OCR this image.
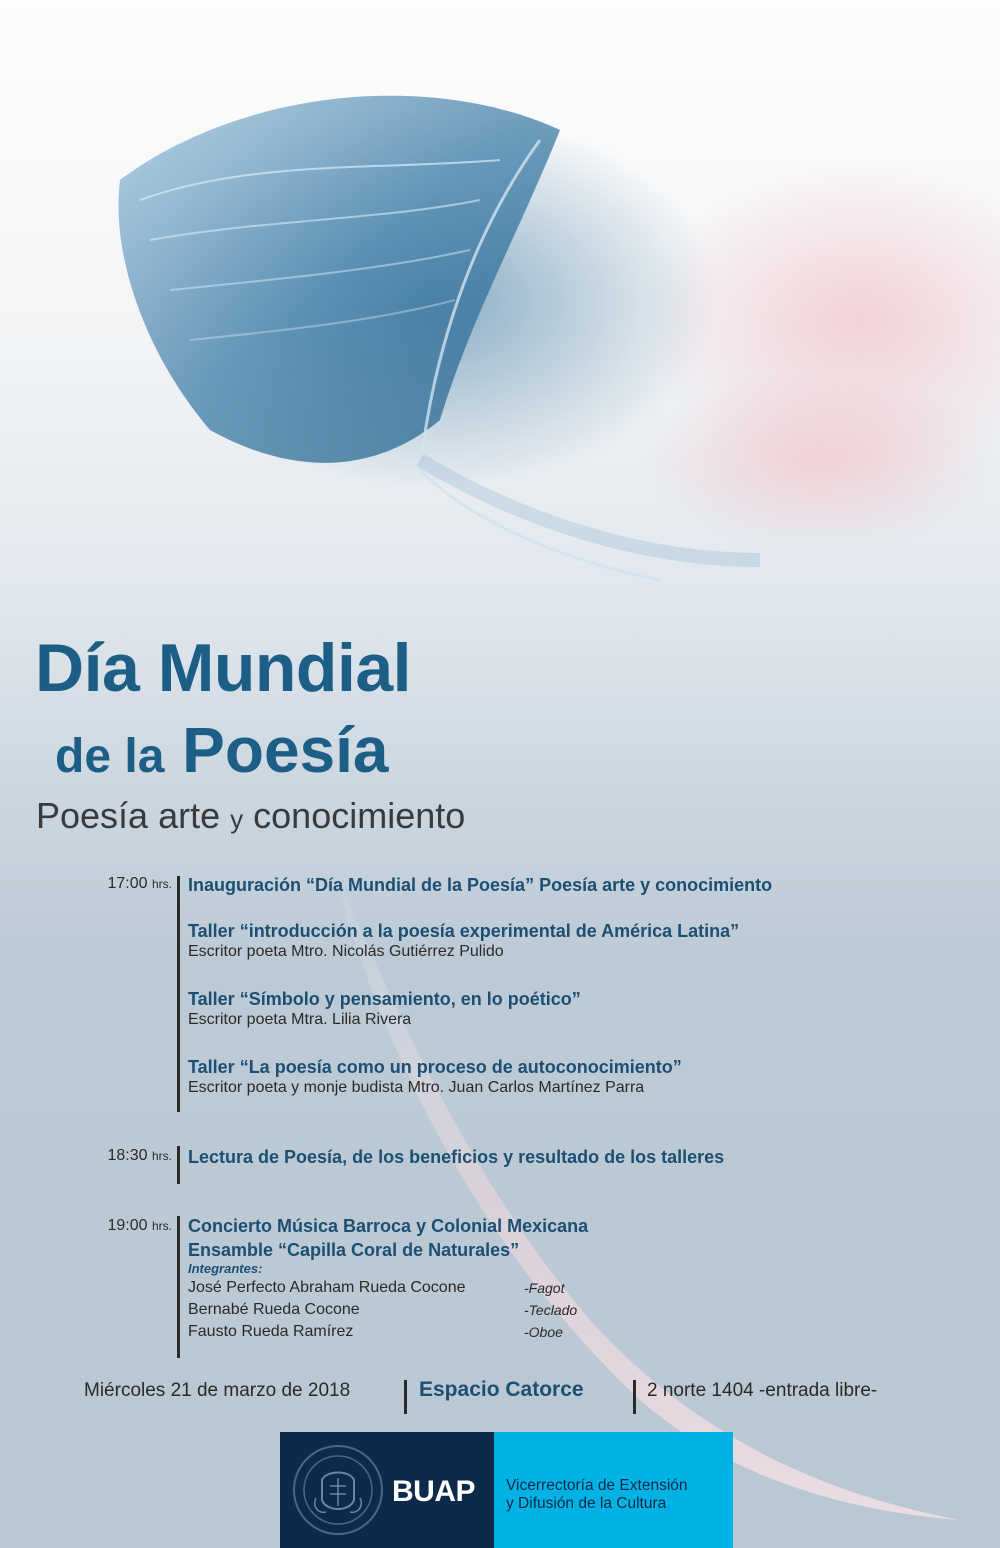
Día Mundial
de la Poesía
Poesía arte y conocimiento
17:00 hrs. Inauguración “Día Mundial de la Poesía” Poesía arte y conocimiento

Taller “introducción a la poesía experimental de América Latina”

Escritor poeta Mtro. Nicolás Gutiérrez Pulido

Taller “Símbolo y pensamiento, en lo poético”

Escritor poeta Mtra. Lilia Rivera

Taller “La poesía como un proceso de autoconocimiento”

Escritor poeta y monje budista Mtro. Juan Carlos Martínez Parra

18:30 hrs. Lectura de Poesía, de los beneficios y resultado de los talleres

19:00 hrs. Concierto Música Barroca y Colonial Mexicana

Ensamble “Capilla Coral de Naturales”

Integrantes:

José Perfecto Abraham Rueda Cocone	-Fagot
Bernabé Rueda Cocone	-Teclado
Fausto Rueda Ramírez	-Oboe
Miércoles 21 de marzo de 2018	Espacio Catorce	2 norte 1404 -entrada libre-
BUAP Vicerrectoría de Extensión
y Difusión de la Cultura
